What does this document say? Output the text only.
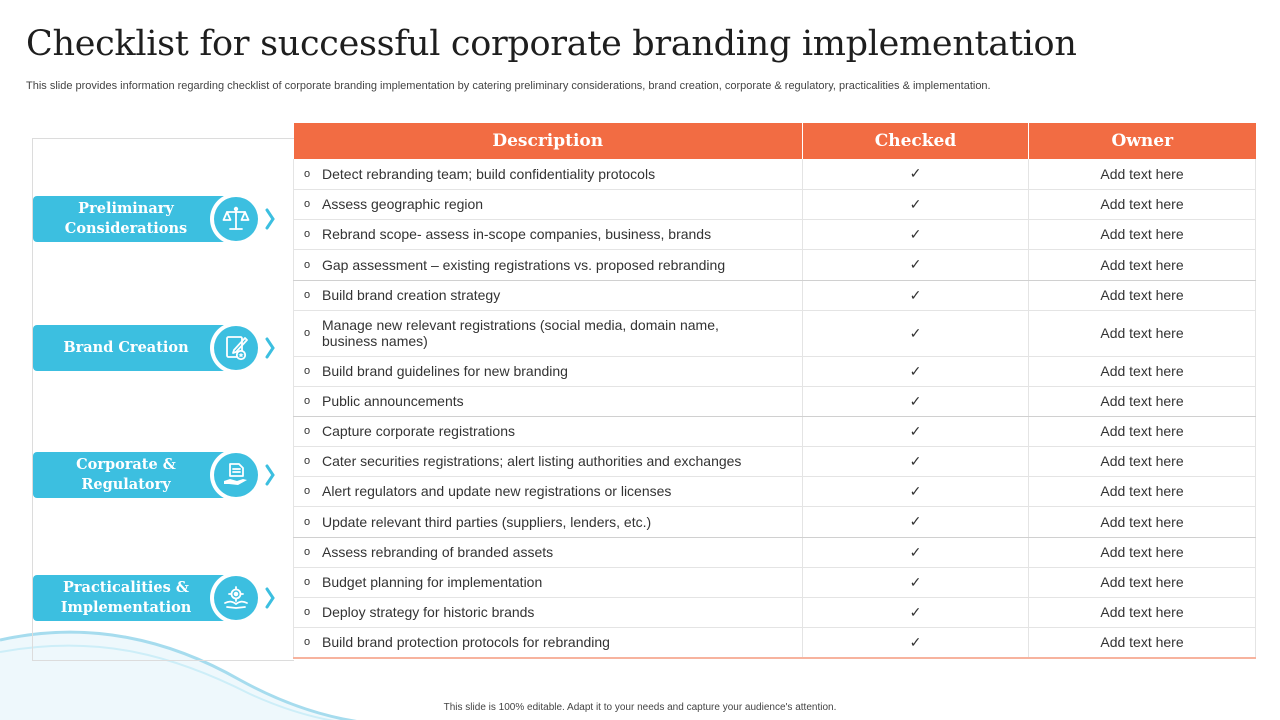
Checklist for successful corporate branding implementation
This slide provides information regarding checklist of corporate branding implementation by catering preliminary considerations, brand creation, corporate & regulatory, practicalities & implementation.
Preliminary Considerations
Brand Creation
Corporate & Regulatory
Practicalities & Implementation
Description	Checked	Owner

o Detect rebranding team; build confidentiality protocols	✓	Add text here

o Assess geographic region	✓	Add text here

o Rebrand scope- assess in-scope companies, business, brands	✓	Add text here

o Gap assessment – existing registrations vs. proposed rebranding	✓	Add text here

o Build brand creation strategy	✓	Add text here

o Manage new relevant registrations (social media, domain name, business names)	✓	Add text here

o Build brand guidelines for new branding	✓	Add text here

o Public announcements	✓	Add text here

o Capture corporate registrations	✓	Add text here

o Cater securities registrations; alert listing authorities and exchanges	✓	Add text here

o Alert regulators and update new registrations or licenses	✓	Add text here

o Update relevant third parties (suppliers, lenders, etc.)	✓	Add text here

o Assess rebranding of branded assets	✓	Add text here

o Budget planning for implementation	✓	Add text here

o Deploy strategy for historic brands	✓	Add text here

o Build brand protection protocols for rebranding	✓	Add text here
This slide is 100% editable. Adapt it to your needs and capture your audience's attention.
